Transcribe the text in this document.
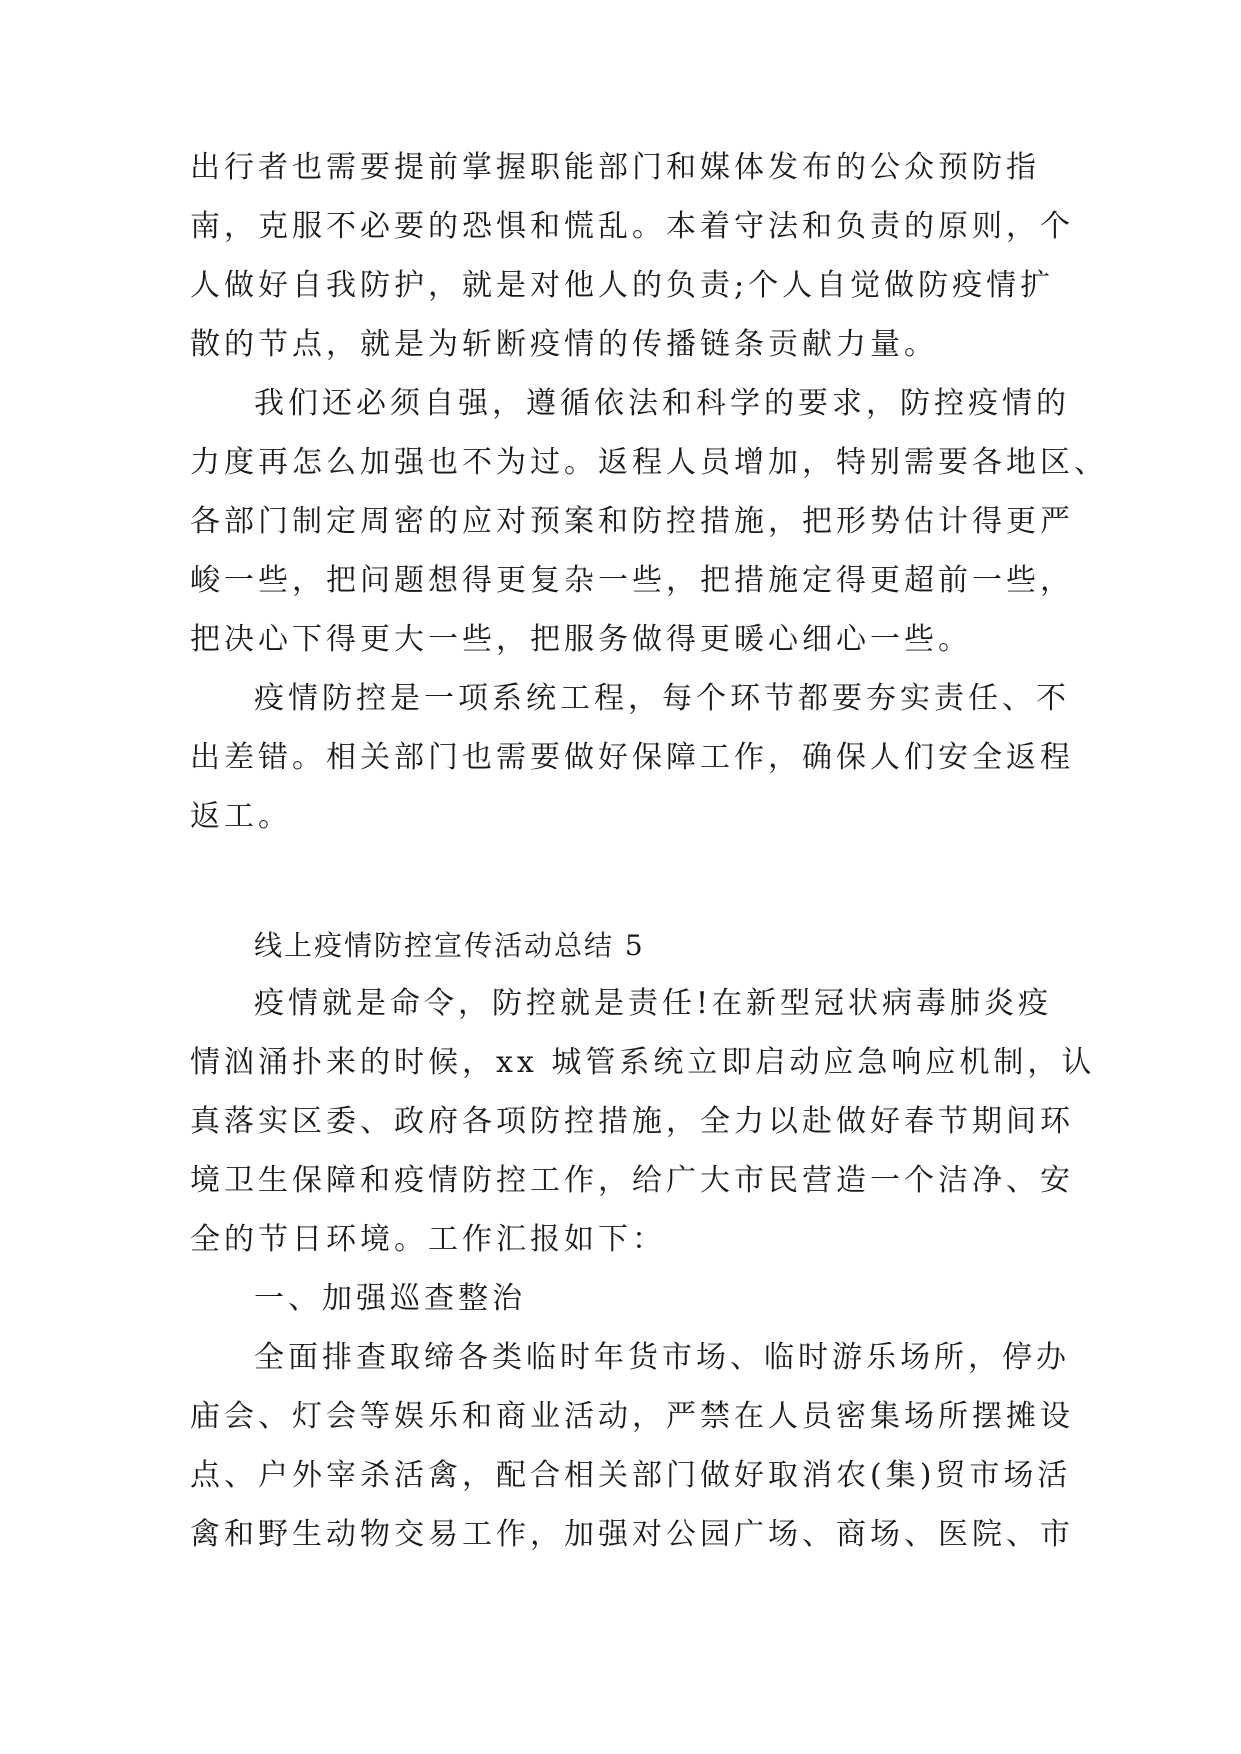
出行者也需要提前掌握职能部门和媒体发布的公众预防指
南，克服不必要的恐惧和慌乱。本着守法和负责的原则，个
人做好自我防护，就是对他人的负责;个人自觉做防疫情扩
散的节点，就是为斩断疫情的传播链条贡献力量。
我们还必须自强，遵循依法和科学的要求，防控疫情的
力度再怎么加强也不为过。返程人员增加，特别需要各地区、
各部门制定周密的应对预案和防控措施，把形势估计得更严
峻一些，把问题想得更复杂一些，把措施定得更超前一些，
把决心下得更大一些，把服务做得更暖心细心一些。
疫情防控是一项系统工程，每个环节都要夯实责任、不
出差错。相关部门也需要做好保障工作，确保人们安全返程
返工。
线上疫情防控宣传活动总结 5
疫情就是命令，防控就是责任!在新型冠状病毒肺炎疫
情汹涌扑来的时候，xx 城管系统立即启动应急响应机制，认
真落实区委、政府各项防控措施，全力以赴做好春节期间环
境卫生保障和疫情防控工作，给广大市民营造一个洁净、安
全的节日环境。工作汇报如下：
一、加强巡查整治
全面排查取缔各类临时年货市场、临时游乐场所，停办
庙会、灯会等娱乐和商业活动，严禁在人员密集场所摆摊设
点、户外宰杀活禽，配合相关部门做好取消农(集)贸市场活
禽和野生动物交易工作，加强对公园广场、商场、医院、市
